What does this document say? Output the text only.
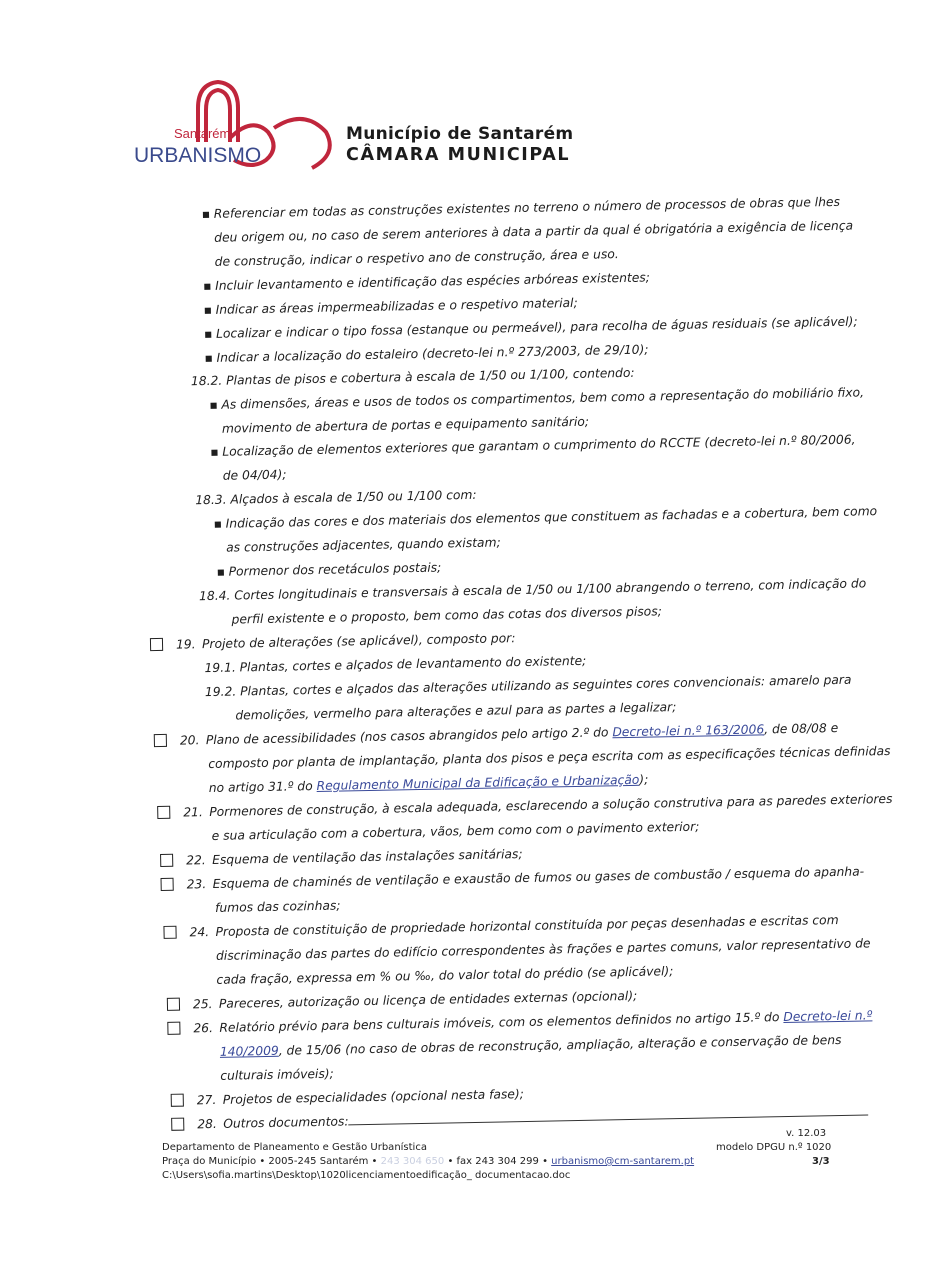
Santarém
URBANISMO
Município de Santarém
CÂMARA MUNICIPAL
▪ Referenciar em todas as construções existentes no terreno o número de processos de obras que lhes
deu origem ou, no caso de serem anteriores à data a partir da qual é obrigatória a exigência de licença
de construção, indicar o respetivo ano de construção, área e uso.
▪ Incluir levantamento e identificação das espécies arbóreas existentes;
▪ Indicar as áreas impermeabilizadas e o respetivo material;
▪ Localizar e indicar o tipo fossa (estanque ou permeável), para recolha de águas residuais (se aplicável);
▪ Indicar a localização do estaleiro (decreto-lei n.º 273/2003, de 29/10);
18.2. Plantas de pisos e cobertura à escala de 1/50 ou 1/100, contendo:
▪ As dimensões, áreas e usos de todos os compartimentos, bem como a representação do mobiliário fixo,
movimento de abertura de portas e equipamento sanitário;
▪ Localização de elementos exteriores que garantam o cumprimento do RCCTE (decreto-lei n.º 80/2006,
de 04/04);
18.3. Alçados à escala de 1/50 ou 1/100 com:
▪ Indicação das cores e dos materiais dos elementos que constituem as fachadas e a cobertura, bem como
as construções adjacentes, quando existam;
▪ Pormenor dos recetáculos postais;
18.4. Cortes longitudinais e transversais à escala de 1/50 ou 1/100 abrangendo o terreno, com indicação do
perfil existente e o proposto, bem como das cotas dos diversos pisos;
19. Projeto de alterações (se aplicável), composto por:
19.1. Plantas, cortes e alçados de levantamento do existente;
19.2. Plantas, cortes e alçados das alterações utilizando as seguintes cores convencionais: amarelo para
demolições, vermelho para alterações e azul para as partes a legalizar;
20. Plano de acessibilidades (nos casos abrangidos pelo artigo 2.º do Decreto-lei n.º 163/2006, de 08/08 e
composto por planta de implantação, planta dos pisos e peça escrita com as especificações técnicas definidas
no artigo 31.º do Regulamento Municipal da Edificação e Urbanização);
21. Pormenores de construção, à escala adequada, esclarecendo a solução construtiva para as paredes exteriores
e sua articulação com a cobertura, vãos, bem como com o pavimento exterior;
22. Esquema de ventilação das instalações sanitárias;
23. Esquema de chaminés de ventilação e exaustão de fumos ou gases de combustão / esquema do apanha-
fumos das cozinhas;
24. Proposta de constituição de propriedade horizontal constituída por peças desenhadas e escritas com
discriminação das partes do edifício correspondentes às frações e partes comuns, valor representativo de
cada fração, expressa em % ou ‰, do valor total do prédio (se aplicável);
25. Pareceres, autorização ou licença de entidades externas (opcional);
26. Relatório prévio para bens culturais imóveis, com os elementos definidos no artigo 15.º do Decreto-lei n.º
140/2009, de 15/06 (no caso de obras de reconstrução, ampliação, alteração e conservação de bens
culturais imóveis);
27. Projetos de especialidades (opcional nesta fase);
28. Outros documentos:
Departamento de Planeamento e Gestão Urbanística
Praça do Município • 2005-245 Santarém • 243 304 650 • fax 243 304 299 • urbanismo@cm-santarem.pt
C:\Users\sofia.martins\Desktop\1020licenciamentoedificação_ documentacao.doc
v. 12.03
modelo DPGU n.º 1020
3/3
